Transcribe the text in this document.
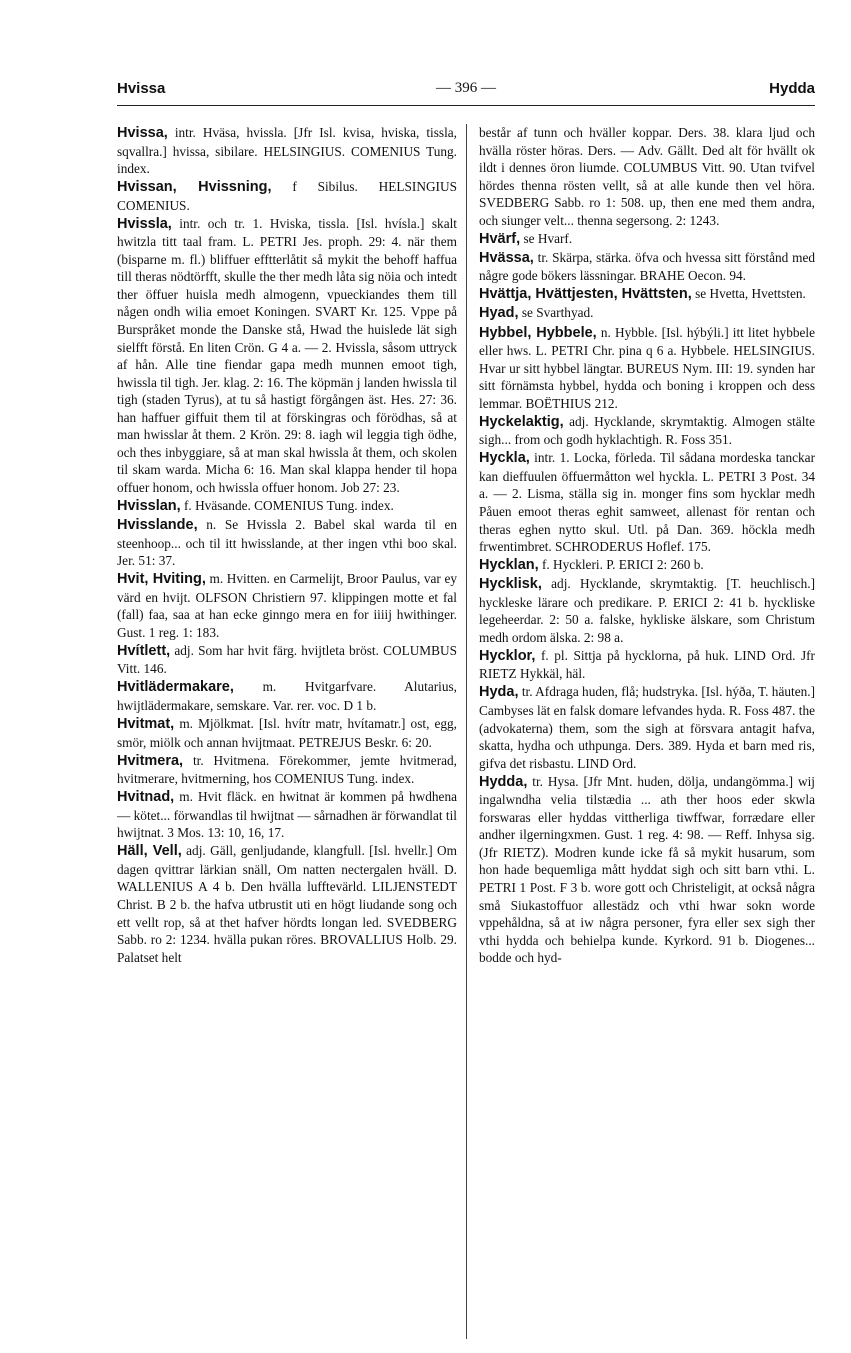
Hvissa	— 396 —	Hydda

Hvissa, intr. Hväsa, hvissla. [Jfr Isl. kvisa, hviska, tissla, sqvallra.] hvissa, sibilare. HELSINGIUS. COMENIUS Tung. index.

Hvissan, Hvissning, f Sibilus. HELSINGIUS COMENIUS.

Hvissla, intr. och tr. 1. Hviska, tissla. [Isl. hvísla.] skalt hwitzla titt taal fram. L. PETRI Jes. proph. 29: 4. när them (bisparne m. fl.) bliffuer efftterlåtit så mykit the behoff haffua till theras nödtörfft, skulle the ther medh låta sig nöia och intedt ther öffuer huisla medh almogenn, vpueckiandes them till någen ondh wilia emoet Koningen. SVART Kr. 125. Vppe på Burspråket monde the Danske stå, Hwad the huislede lät sigh sielfft förstå. En liten Crön. G 4 a. — 2. Hvissla, såsom uttryck af hån. Alle tine fiendar gapa medh munnen emoot tigh, hwissla til tigh. Jer. klag. 2: 16. The köpmän j landen hwissla til tigh (staden Tyrus), at tu så hastigt förgången äst. Hes. 27: 36. han haffuer giffuit them til at förskingras och förödhas, så at man hwisslar åt them. 2 Krön. 29: 8. iagh wil leggia tigh ödhe, och thes inbyggiare, så at man skal hwissla åt them, och skolen til skam warda. Micha 6: 16. Man skal klappa hender til hopa offuer honom, och hwissla offuer honom. Job 27: 23.

Hvisslan, f. Hväsande. COMENIUS Tung. index.

Hvisslande, n. Se Hvissla 2. Babel skal warda til en steenhoop... och til itt hwisslande, at ther ingen vthi boo skal. Jer. 51: 37.

Hvit, Hviting, m. Hvitten. en Carmelijt, Broor Paulus, var ey värd en hvijt. OLFSON Christiern 97. klippingen motte et fal (fall) faa, saa at han ecke ginngo mera en for iiiij hwithinger. Gust. 1 reg. 1: 183.

Hvítlett, adj. Som har hvit färg. hvijtleta bröst. COLUMBUS Vitt. 146.

Hvitlädermakare, m. Hvitgarfvare. Alutarius, hwijtlädermakare, semskare. Var. rer. voc. D 1 b.

Hvitmat, m. Mjölkmat. [Isl. hvítr matr, hvítamatr.] ost, egg, smör, miölk och annan hvijtmaat. PETREJUS Beskr. 6: 20.

Hvitmera, tr. Hvitmena. Förekommer, jemte hvitmerad, hvitmerare, hvitmerning, hos COMENIUS Tung. index.

Hvitnad, m. Hvit fläck. en hwitnat är kommen på hwdhena — kötet... förwandlas til hwijtnat — sårnadhen är förwandlat til hwijtnat. 3 Mos. 13: 10, 16, 17.

Häll, Vell, adj. Gäll, genljudande, klangfull. [Isl. hvellr.] Om dagen qvittrar lärkian snäll, Om natten nectergalen hväll. D. WALLENIUS A 4 b. Den hvälla lufftevärld. LILJENSTEDT Christ. B 2 b. the hafva utbrustit uti en högt liudande song och ett vellt rop, så at thet hafver hördts longan led. SVEDBERG Sabb. ro 2: 1234. hvälla pukan röres. BROVALLIUS Holb. 29. Palatset helt

består af tunn och hväller koppar. Ders. 38. klara ljud och hvälla röster höras. Ders. — Adv. Gällt. Ded alt för hvällt ok ildt i dennes öron liumde. COLUMBUS Vitt. 90. Utan tvifvel hördes thenna rösten vellt, så at alle kunde then vel höra. SVEDBERG Sabb. ro 1: 508. up, then ene med them andra, och siunger velt... thenna segersong. 2: 1243.

Hvärf, se Hvarf.

Hvässa, tr. Skärpa, stärka. öfva och hvessa sitt förstånd med någre gode bökers lässningar. BRAHE Oecon. 94.

Hvättja, Hvättjesten, Hvättsten, se Hvetta, Hvettsten.

Hyad, se Svarthyad.

Hybbel, Hybbele, n. Hybble. [Isl. hýbýli.] itt litet hybbele eller hws. L. PETRI Chr. pina q 6 a. Hybbele. HELSINGIUS. Hvar ur sitt hybbel längtar. BUREUS Nym. III: 19. synden har sitt förnämsta hybbel, hydda och boning i kroppen och dess lemmar. BOËTHIUS 212.

Hyckelaktig, adj. Hycklande, skrymtaktig. Almogen stälte sigh... from och godh hyklachtigh. R. Foss 351.

Hyckla, intr. 1. Locka, förleda. Til sådana mordeska tanckar kan dieffuulen öffuermåtton wel hyckla. L. PETRI 3 Post. 34 a. — 2. Lisma, ställa sig in. monger fins som hycklar medh Påuen emoot theras eghit samweet, allenast för rentan och theras eghen nytto skul. Utl. på Dan. 369. höckla medh frwentimbret. SCHRODERUS Hoflef. 175.

Hycklan, f. Hyckleri. P. ERICI 2: 260 b.

Hycklisk, adj. Hycklande, skrymtaktig. [T. heuchlisch.] hyckleske lärare och predikare. P. ERICI 2: 41 b. hyckliske legeheerdar. 2: 50 a. falske, hykliske älskare, som Christum medh ordom älska. 2: 98 a.

Hycklor, f. pl. Sittja på hycklorna, på huk. LIND Ord. Jfr RIETZ Hykkäl, häl.

Hyda, tr. Afdraga huden, flå; hudstryka. [Isl. hýða, T. häuten.] Cambyses lät en falsk domare lefvandes hyda. R. Foss 487. the (advokaterna) them, som the sigh at försvara antagit hafva, skatta, hydha och uthpunga. Ders. 389. Hyda et barn med ris, gifva det risbastu. LIND Ord.

Hydda, tr. Hysa. [Jfr Mnt. huden, dölja, undangömma.] wij ingalwndha velia tilstædia ... ath ther hoos eder skwla forswaras eller hyddas vittherliga tiwffwar, forrædare eller andher ilgerningxmen. Gust. 1 reg. 4: 98. — Reff. Inhysa sig. (Jfr RIETZ). Modren kunde icke få så mykit husarum, som hon hade bequemliga mått hyddat sigh och sitt barn vthi. L. PETRI 1 Post. F 3 b. wore gott och Christeligit, at också några små Siukastoffuor allestädz och vthi hwar sokn worde vppehåldna, så at iw några personer, fyra eller sex sigh ther vthi hydda och behielpa kunde. Kyrkord. 91 b. Diogenes... bodde och hyd-
